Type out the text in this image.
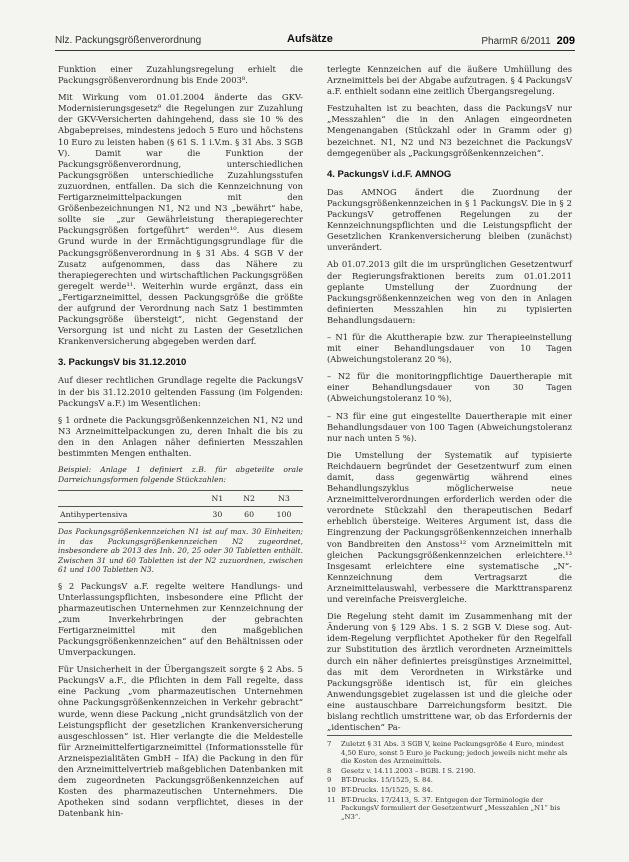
Nlz. Packungsgrößenverordnung	Aufsätze	PharmR 6/2011 209

Funktion einer Zuzahlungsregelung erhielt die Packungsgrößenverordnung bis Ende 2003⁸.

Mit Wirkung vom 01.01.2004 änderte das GKV-Modernisierungsgesetz⁹ die Regelungen zur Zuzahlung der GKV-Versicherten dahingehend, dass sie 10 % des Abgabepreises, mindestens jedoch 5 Euro und höchstens 10 Euro zu leisten haben (§ 61 S. 1 i.V.m. § 31 Abs. 3 SGB V). Damit war die Funktion der Packungsgrößenverordnung, unterschiedlichen Packungsgrößen unterschiedliche Zuzahlungsstufen zuzuordnen, entfallen. Da sich die Kennzeichnung von Fertigarzneimittelpackungen mit den Größenbezeichnungen N1, N2 und N3 „bewährt“ habe, sollte sie „zur Gewährleistung therapiegerechter Packungsgrößen fortgeführt“ werden¹⁰. Aus diesem Grund wurde in der Ermächtigungsgrundlage für die Packungsgrößenverordnung in § 31 Abs. 4 SGB V der Zusatz aufgenommen, dass das Nähere zu therapiegerechten und wirtschaftlichen Packungsgrößen geregelt werde¹¹. Weiterhin wurde ergänzt, dass ein „Fertigarzneimittel, dessen Packungsgröße die größte der aufgrund der Verordnung nach Satz 1 bestimmten Packungsgröße übersteigt“, nicht Gegenstand der Versorgung ist und nicht zu Lasten der Gesetzlichen Krankenversicherung abgegeben werden darf.

3. PackungsV bis 31.12.2010

Auf dieser rechtlichen Grundlage regelte die PackungsV in der bis 31.12.2010 geltenden Fassung (im Folgenden: PackungsV a.F.) im Wesentlichen:

§ 1 ordnete die Packungsgrößenkennzeichen N1, N2 und N3 Arzneimittelpackungen zu, deren Inhalt die bis zu den in den Anlagen näher definierten Messzahlen bestimmten Mengen enthalten.

Beispiel: Anlage 1 definiert z.B. für abgeteilte orale Darreichungsformen folgende Stückzahlen:

	N1	N2	N3
Antihypertensiva	30	60	100

Das Packungsgrößenkennzeichen N1 ist auf max. 30 Einheiten; in das Packungsgrößenkennzeichen N2 zugeordnet, insbesondere ab 2013 des Inh. 20, 25 oder 30 Tabletten enthält. Zwischen 31 und 60 Tabletten ist der N2 zuzuordnen, zwischen 61 und 100 Tabletten N3.

§ 2 PackungsV a.F. regelte weitere Handlungs- und Unterlassungspflichten, insbesondere eine Pflicht der pharmazeutischen Unternehmen zur Kennzeichnung der „zum Inverkehrbringen der gebrachten Fertigarzneimittel mit den maßgeblichen Packungsgrößenkennzeichen“ auf den Behältnissen oder Umverpackungen.

Für Unsicherheit in der Übergangszeit sorgte § 2 Abs. 5 PackungsV a.F., die Pflichten in dem Fall regelte, dass eine Packung „vom pharmazeutischen Unternehmen ohne Packungsgrößenkennzeichen in Verkehr gebracht“ wurde, wenn diese Packung „nicht grundsätzlich von der Leistungspflicht der gesetzlichen Krankenversicherung ausgeschlossen“ ist. Hier verlangte die die Meldestelle für Arzneimittelfertigarzneimittel (Informationsstelle für Arzneispezialitäten GmbH – IfA) die Packung in den für den Arzneimittelvertrieb maßgeblichen Datenbanken mit dem zugeordneten Packungsgrößenkennzeichen auf Kosten des pharmazeutischen Unternehmers. Die Apotheken sind sodann verpflichtet, dieses in der Datenbank hin-

terlegte Kennzeichen auf die äußere Umhüllung des Arzneimittels bei der Abgabe aufzutragen. § 4 PackungsV a.F. enthielt sodann eine zeitlich Übergangsregelung.

Festzuhalten ist zu beachten, dass die PackungsV nur „Messzahlen“ die in den Anlagen eingeordneten Mengenangaben (Stückzahl oder in Gramm oder g) bezeichnet. N1, N2 und N3 bezeichnet die PackungsV demgegenüber als „Packungsgrößenkennzeichen“.

4. PackungsV i.d.F. AMNOG

Das AMNOG ändert die Zuordnung der Packungsgrößenkennzeichen in § 1 PackungsV. Die in § 2 PackungsV getroffenen Regelungen zu der Kennzeichnungspflichten und die Leistungspflicht der Gesetzlichen Krankenversicherung bleiben (zunächst) unverändert.

Ab 01.07.2013 gilt die im ursprünglichen Gesetzentwurf der Regierungsfraktionen bereits zum 01.01.2011 geplante Umstellung der Zuordnung der Packungsgrößenkennzeichen weg von den in Anlagen definierten Messzahlen hin zu typisierten Behandlungsdauern:

– N1 für die Akuttherapie bzw. zur Therapieeinstellung mit einer Behandlungsdauer von 10 Tagen (Abweichungstoleranz 20 %),

– N2 für die monitoringpflichtige Dauertherapie mit einer Behandlungsdauer von 30 Tagen (Abweichungstoleranz 10 %),

– N3 für eine gut eingestellte Dauertherapie mit einer Behandlungsdauer von 100 Tagen (Abweichungstoleranz nur nach unten 5 %).

Die Umstellung der Systematik auf typisierte Reichdauern begründet der Gesetzentwurf zum einen damit, dass gegenwärtig während eines Behandlungszyklus möglicherweise neue Arzneimittelverordnungen erforderlich werden oder die verordnete Stückzahl den therapeutischen Bedarf erheblich übersteige. Weiteres Argument ist, dass die Eingrenzung der Packungsgrößenkennzeichen innerhalb von Bandbreiten den Anstoss¹² vom Arzneimitteln mit gleichen Packungsgrößenkennzeichen erleichtere.¹³ Insgesamt erleichtere eine systematische „N“-Kennzeichnung dem Vertragsarzt die Arzneimittelauswahl, verbessere die Markttransparenz und vereinfache Preisvergleiche.

Die Regelung steht damit im Zusammenhang mit der Änderung von § 129 Abs. 1 S. 2 SGB V. Diese sog. Aut-idem-Regelung verpflichtet Apotheker für den Regelfall zur Substitution des ärztlich verordneten Arzneimittels durch ein näher definiertes preisgünstiges Arzneimittel, das mit dem Verordneten in Wirkstärke und Packungsgröße identisch ist, für ein gleiches Anwendungsgebiet zugelassen ist und die gleiche oder eine austauschbare Darreichungsform besitzt. Die bislang rechtlich umstrittene war, ob das Erfordernis der „identischen“ Pa-

7	Zuletzt § 31 Abs. 3 SGB V, keine Packungsgröße 4 Euro, mindest 4,50 Euro, sonst 5 Euro je Packung; jedoch jeweils nicht mehr als die Kosten des Arzneimittels.
8	Gesetz v. 14.11.2003 – BGBl. I S. 2190.
9	BT-Drucks. 15/1525, S. 84.
10 BT-Drucks. 15/1525, S. 84.
11 BT-Drucks. 17/2413, S. 37. Entgegen der Terminologie der PackungsV formuliert der Gesetzentwurf „Messzahlen „N1“ bis „N3“.
